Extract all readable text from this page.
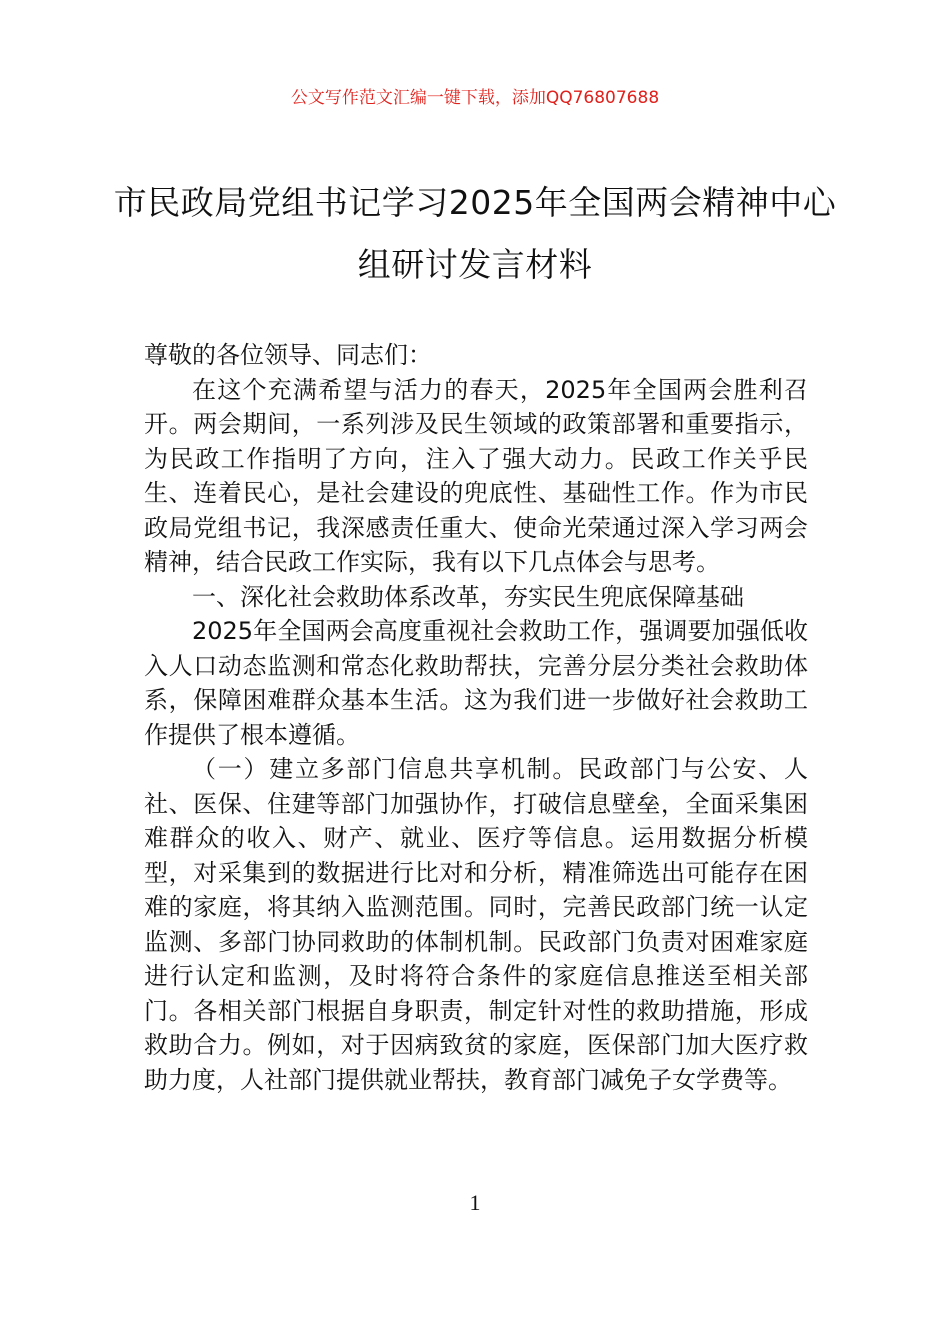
公文写作范文汇编一键下载，添加QQ76807688
市民政局党组书记学习2025年全国两会精神中心组研讨发言材料

尊敬的各位领导、同志们：

在这个充满希望与活力的春天，2025年全国两会胜利召开。两会期间，一系列涉及民生领域的政策部署和重要指示，为民政工作指明了方向，注入了强大动力。民政工作关乎民生、连着民心，是社会建设的兜底性、基础性工作。作为市民政局党组书记，我深感责任重大、使命光荣通过深入学习两会精神，结合民政工作实际，我有以下几点体会与思考。

一、深化社会救助体系改革，夯实民生兜底保障基础

2025年全国两会高度重视社会救助工作，强调要加强低收入人口动态监测和常态化救助帮扶，完善分层分类社会救助体系，保障困难群众基本生活。这为我们进一步做好社会救助工作提供了根本遵循。

（一）建立多部门信息共享机制。民政部门与公安、人社、医保、住建等部门加强协作，打破信息壁垒，全面采集困难群众的收入、财产、就业、医疗等信息。运用数据分析模型，对采集到的数据进行比对和分析，精准筛选出可能存在困难的家庭，将其纳入监测范围。同时，完善民政部门统一认定监测、多部门协同救助的体制机制。民政部门负责对困难家庭进行认定和监测，及时将符合条件的家庭信息推送至相关部门。各相关部门根据自身职责，制定针对性的救助措施，形成救助合力。例如，对于因病致贫的家庭，医保部门加大医疗救助力度，人社部门提供就业帮扶，教育部门减免子女学费等。

1
